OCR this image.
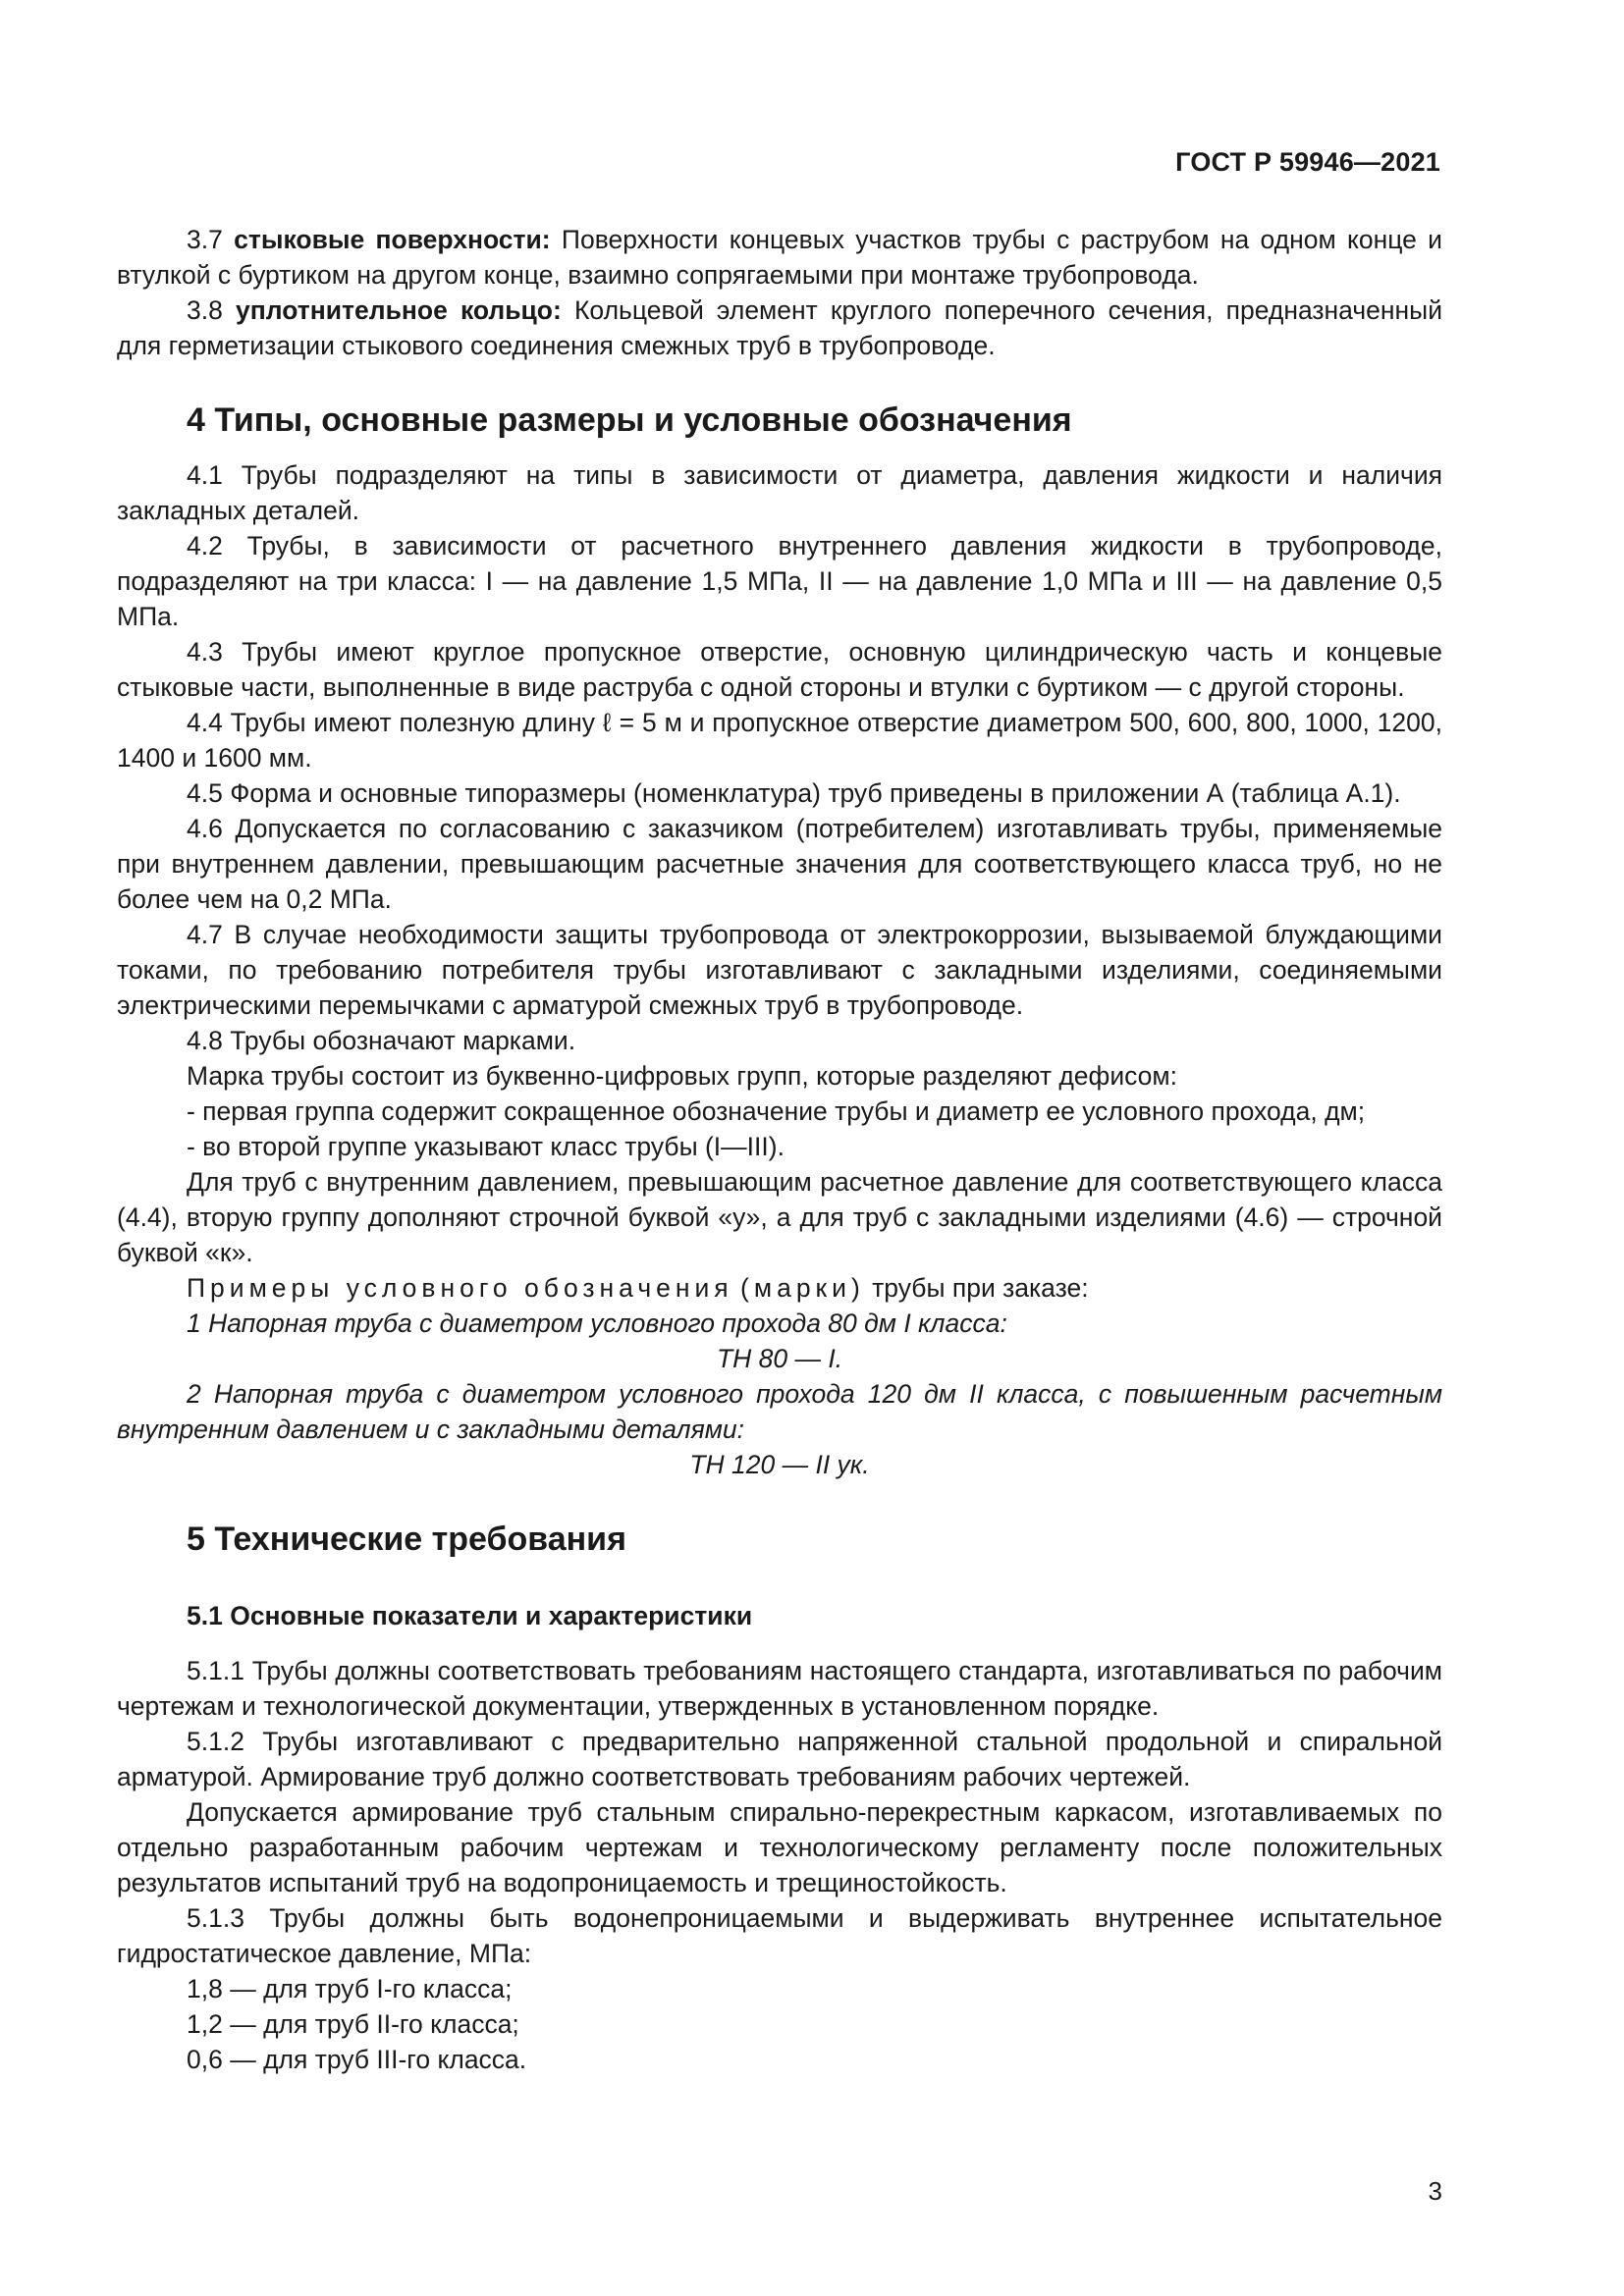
ГОСТ Р 59946—2021

3.7 стыковые поверхности: Поверхности концевых участков трубы с раструбом на одном конце и втулкой с буртиком на другом конце, взаимно сопрягаемыми при монтаже трубопровода.

3.8 уплотнительное кольцо: Кольцевой элемент круглого поперечного сечения, предназначенный для герметизации стыкового соединения смежных труб в трубопроводе.

4 Типы, основные размеры и условные обозначения

4.1 Трубы подразделяют на типы в зависимости от диаметра, давления жидкости и наличия закладных деталей.

4.2 Трубы, в зависимости от расчетного внутреннего давления жидкости в трубопроводе, подразделяют на три класса: I — на давление 1,5 МПа, II — на давление 1,0 МПа и III — на давление 0,5 МПа.

4.3 Трубы имеют круглое пропускное отверстие, основную цилиндрическую часть и концевые стыковые части, выполненные в виде раструба с одной стороны и втулки с буртиком — с другой стороны.

4.4 Трубы имеют полезную длину ℓ = 5 м и пропускное отверстие диаметром 500, 600, 800, 1000, 1200, 1400 и 1600 мм.

4.5 Форма и основные типоразмеры (номенклатура) труб приведены в приложении А (таблица А.1).

4.6 Допускается по согласованию с заказчиком (потребителем) изготавливать трубы, применяемые при внутреннем давлении, превышающим расчетные значения для соответствующего класса труб, но не более чем на 0,2 МПа.

4.7 В случае необходимости защиты трубопровода от электрокоррозии, вызываемой блуждающими токами, по требованию потребителя трубы изготавливают с закладными изделиями, соединяемыми электрическими перемычками с арматурой смежных труб в трубопроводе.

4.8 Трубы обозначают марками.

Марка трубы состоит из буквенно-цифровых групп, которые разделяют дефисом:

- первая группа содержит сокращенное обозначение трубы и диаметр ее условного прохода, дм;

- во второй группе указывают класс трубы (I—III).

Для труб с внутренним давлением, превышающим расчетное давление для соответствующего класса (4.4), вторую группу дополняют строчной буквой «у», а для труб с закладными изделиями (4.6) — строчной буквой «к».

Примеры условного обозначения (марки) трубы при заказе:

1 Напорная труба с диаметром условного прохода 80 дм I класса:

ТН 80 — I.

2 Напорная труба с диаметром условного прохода 120 дм II класса, с повышенным расчетным внутренним давлением и с закладными деталями:

ТН 120 — II ук.

5 Технические требования
5.1 Основные показатели и характеристики

5.1.1 Трубы должны соответствовать требованиям настоящего стандарта, изготавливаться по рабочим чертежам и технологической документации, утвержденных в установленном порядке.

5.1.2 Трубы изготавливают с предварительно напряженной стальной продольной и спиральной арматурой. Армирование труб должно соответствовать требованиям рабочих чертежей.

Допускается армирование труб стальным спирально-перекрестным каркасом, изготавливаемых по отдельно разработанным рабочим чертежам и технологическому регламенту после положительных результатов испытаний труб на водопроницаемость и трещиностойкость.

5.1.3 Трубы должны быть водонепроницаемыми и выдерживать внутреннее испытательное гидростатическое давление, МПа:

1,8 — для труб I-го класса;

1,2 — для труб II-го класса;

0,6 — для труб III-го класса.

3
